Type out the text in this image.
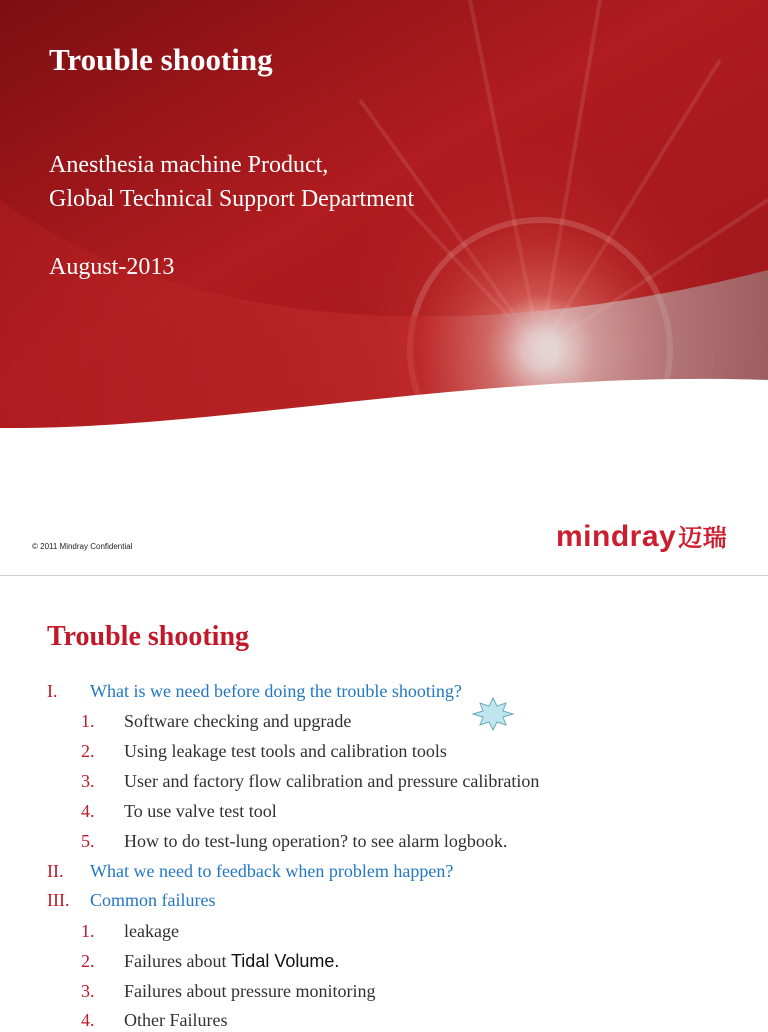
Trouble shooting
Anesthesia machine Product,
Global Technical Support Department
August-2013
© 2011 Mindray Confidential	mindray迈瑞
Trouble shooting
I. What is we need before doing the trouble shooting?
1. Software checking and upgrade
2. Using leakage test tools and calibration tools
3. User and factory flow calibration and pressure calibration
4. To use valve test tool
5. How to do test-lung operation? to see alarm logbook.
II. What we need to feedback when problem happen?
III. Common failures
1. leakage
2. Failures about Tidal Volume.
3. Failures about pressure monitoring
4. Other Failures
